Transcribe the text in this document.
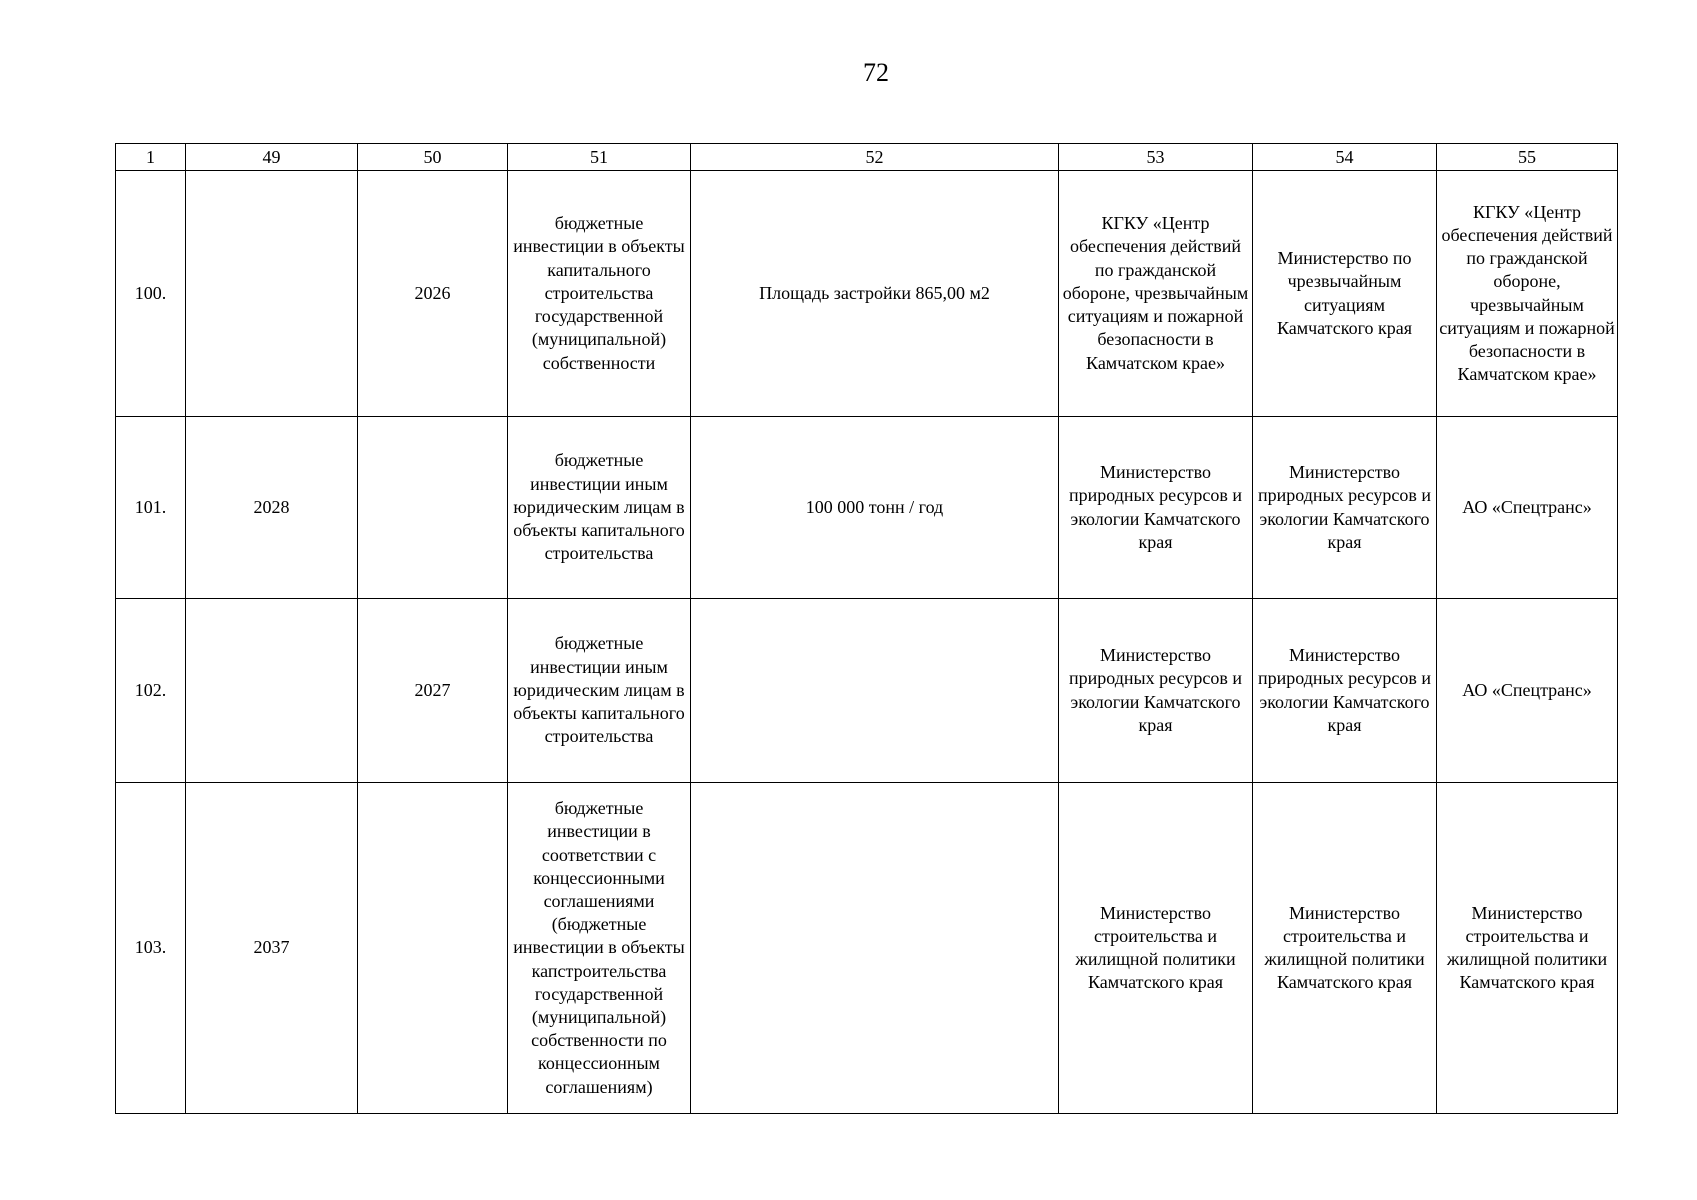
72
1	49	50	51	52	53	54	55
100.		2026	бюджетные инвестиции в объекты капитального строительства государственной (муниципальной) собственности	Площадь застройки 865,00 м2	КГКУ «Центр обеспечения действий по гражданской обороне, чрезвычайным ситуациям и пожарной безопасности в Камчатском крае»	Министерство по чрезвычайным ситуациям Камчатского края	КГКУ «Центр обеспечения действий по гражданской обороне, чрезвычайным ситуациям и пожарной безопасности в Камчатском крае»
101.	2028		бюджетные инвестиции иным юридическим лицам в объекты капитального строительства	100 000 тонн / год	Министерство природных ресурсов и экологии Камчатского края	Министерство природных ресурсов и экологии Камчатского края	АО «Спецтранс»
102.		2027	бюджетные инвестиции иным юридическим лицам в объекты капитального строительства		Министерство природных ресурсов и экологии Камчатского края	Министерство природных ресурсов и экологии Камчатского края	АО «Спецтранс»
103.	2037		бюджетные инвестиции в соответствии с концессионными соглашениями (бюджетные инвестиции в объекты капстроительства государственной (муниципальной) собственности по концессионным соглашениям)		Министерство строительства и жилищной политики Камчатского края	Министерство строительства и жилищной политики Камчатского края	Министерство строительства и жилищной политики Камчатского края
